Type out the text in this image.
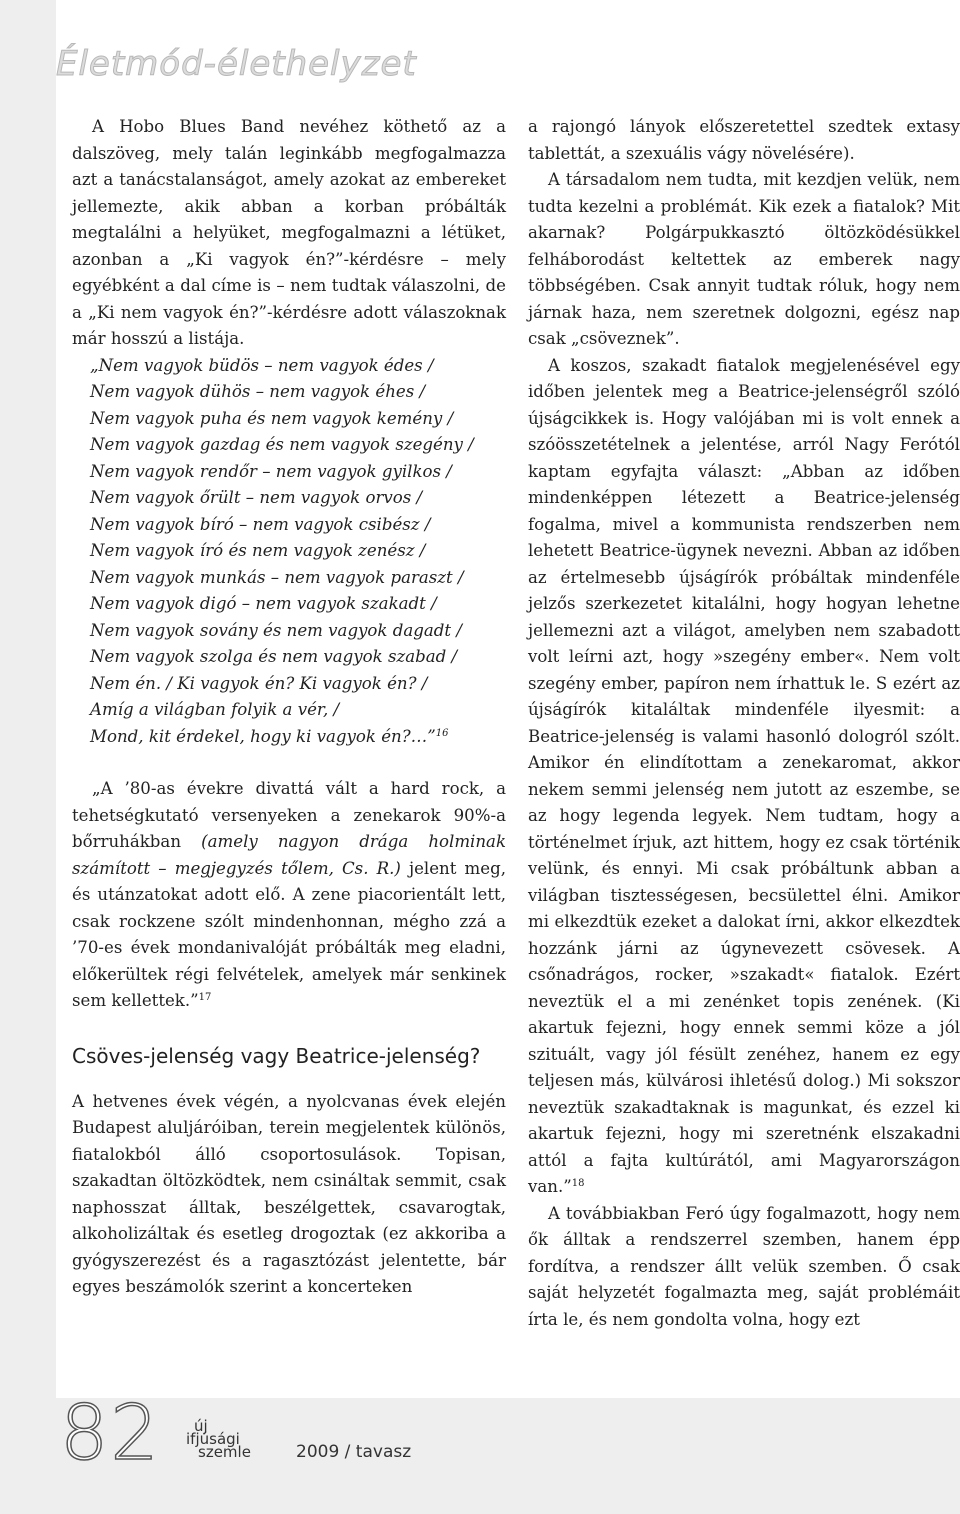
Életmód-élethelyzet

A Hobo Blues Band nevéhez köthető az a dalszöveg, mely talán leginkább megfogalmazza azt a tanácstalanságot, amely azokat az embereket jellemezte, akik abban a korban próbálták megtalálni a helyüket, megfogalmazni a létüket, azonban a „Ki vagyok én?”-kérdésre – mely egyébként a dal címe is – nem tudtak válaszolni, de a „Ki nem vagyok én?”-kérdésre adott válaszoknak már hosszú a listája.

„Nem vagyok büdös – nem vagyok édes /
Nem vagyok dühös – nem vagyok éhes /
Nem vagyok puha és nem vagyok kemény /
Nem vagyok gazdag és nem vagyok szegény /
Nem vagyok rendőr – nem vagyok gyilkos /
Nem vagyok őrült – nem vagyok orvos /
Nem vagyok bíró – nem vagyok csibész /
Nem vagyok író és nem vagyok zenész /
Nem vagyok munkás – nem vagyok paraszt /
Nem vagyok digó – nem vagyok szakadt /
Nem vagyok sovány és nem vagyok dagadt /
Nem vagyok szolga és nem vagyok szabad /
Nem én. / Ki vagyok én? Ki vagyok én? /
Amíg a világban folyik a vér, /
Mond, kit érdekel, hogy ki vagyok én?…”$^{16}$

„A ’80-as évekre divattá vált a hard rock, a tehetségkutató versenyeken a zenekarok 90%-a bőrruhákban (amely nagyon drága holminak számított – megjegyzés tőlem, Cs. R.) jelent meg, és utánzatokat adott elő. A zene piacorientált lett, csak rockzene szólt mindenhonnan, mégho zzá a ’70-es évek mondanivalóját próbálták meg eladni, előkerültek régi felvételek, amelyek már senkinek sem kellettek.”$^{17}$

Csöves-jelenség vagy Beatrice-jelenség?

A hetvenes évek végén, a nyolcvanas évek elején Budapest aluljáróiban, terein megjelentek különös, fiatalokból álló csoportosulások. Topisan, szakadtan öltözködtek, nem csináltak semmit, csak naphosszat álltak, beszélgettek, csavarogtak, alkoholizáltak és esetleg drogoztak (ez akkoriba a gyógyszerezést és a ragasztózást jelentette, bár egyes beszámolók szerint a koncerteken

a rajongó lányok előszeretettel szedtek extasy tablettát, a szexuális vágy növelésére).

A társadalom nem tudta, mit kezdjen velük, nem tudta kezelni a problémát. Kik ezek a fiatalok? Mit akarnak? Polgárpukkasztó öltözködésükkel felháborodást keltettek az emberek nagy többségében. Csak annyit tudtak róluk, hogy nem járnak haza, nem szeretnek dolgozni, egész nap csak „csöveznek”.

A koszos, szakadt fiatalok megjelenésével egy időben jelentek meg a Beatrice-jelenségről szóló újságcikkek is. Hogy valójában mi is volt ennek a szóösszetételnek a jelentése, arról Nagy Ferótól kaptam egyfajta választ: „Abban az időben mindenképpen létezett a Beatrice-jelenség fogalma, mivel a kommunista rendszerben nem lehetett Beatrice-ügynek nevezni. Abban az időben az értelmesebb újságírók próbáltak mindenféle jelzős szerkezetet kitalálni, hogy hogyan lehetne jellemezni azt a világot, amelyben nem szabadott volt leírni azt, hogy »szegény ember«. Nem volt szegény ember, papíron nem írhattuk le. S ezért az újságírók kitaláltak mindenféle ilyesmit: a Beatrice-jelenség is valami hasonló dologról szólt. Amikor én elindítottam a zenekaromat, akkor nekem semmi jelenség nem jutott az eszembe, se az hogy legenda legyek. Nem tudtam, hogy a történelmet írjuk, azt hittem, hogy ez csak történik velünk, és ennyi. Mi csak próbáltunk abban a világban tisztességesen, becsülettel élni. Amikor mi elkezdtük ezeket a dalokat írni, akkor elkezdtek hozzánk járni az úgynevezett csövesek. A csőnadrágos, rocker, »szakadt« fiatalok. Ezért neveztük el a mi zenénket topis zenének. (Ki akartuk fejezni, hogy ennek semmi köze a jól szituált, vagy jól fésült zenéhez, hanem ez egy teljesen más, külvárosi ihletésű dolog.) Mi sokszor neveztük szakadtaknak is magunkat, és ezzel ki akartuk fejezni, hogy mi szeretnénk elszakadni attól a fajta kultúrától, ami Magyarországon van.”$^{18}$

A továbbiakban Feró úgy fogalmazott, hogy nem ők álltak a rendszerrel szemben, hanem épp fordítva, a rendszer állt velük szemben. Ő csak saját helyzetét fogalmazta meg, saját problémáit írta le, és nem gondolta volna, hogy ezt

82	új
ifjúsági
szemle	2009 / tavasz
